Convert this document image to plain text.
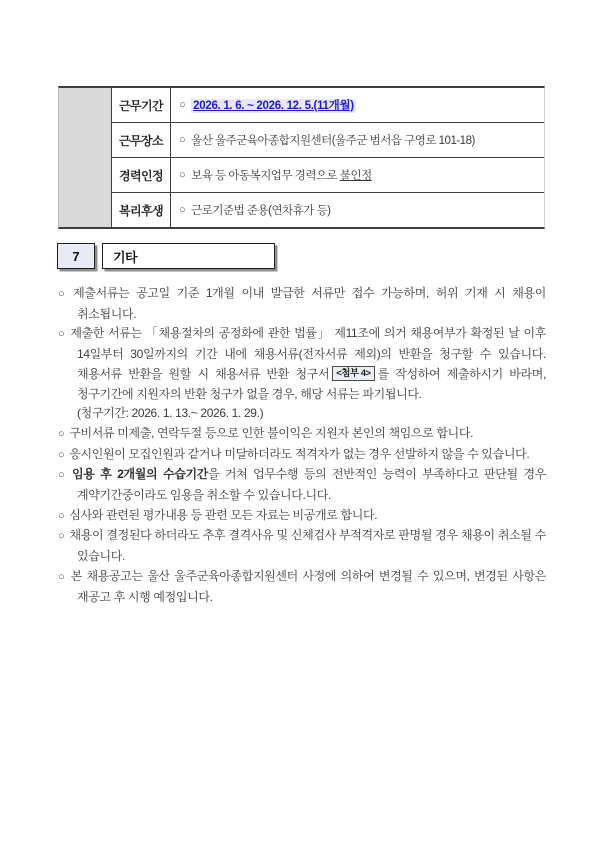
근무기간	○ 2026. 1. 6. ~ 2026. 12. 5.(11개월)
근무장소	○ 울산 울주군육아종합지원센터(울주군 범서읍 구영로 101-18)
경력인정	○ 보육 등 아동복지업무 경력으로 불인정
복리후생	○ 근로기준법 준용(연차휴가 등)
7	기타
○ 제출서류는 공고일 기준 1개월 이내 발급한 서류만 접수 가능하며, 허위 기재 시 채용이 취소됩니다.
○ 제출한 서류는 「채용절차의 공정화에 관한 법률」 제11조에 의거 채용여부가 확정된 날 이후 14일부터 30일까지의 기간 내에 채용서류(전자서류 제외)의 반환을 청구할 수 있습니다. 채용서류 반환을 원할 시 채용서류 반환 청구서 <첨부 4> 를 작성하여 제출하시기 바라며, 청구기간에 지원자의 반환 청구가 없을 경우, 해당 서류는 파기됩니다.
(청구기간: 2026. 1. 13.~ 2026. 1. 29.)
○ 구비서류 미제출, 연락두절 등으로 인한 불이익은 지원자 본인의 책임으로 합니다.
○ 응시인원이 모집인원과 같거나 미달하더라도 적격자가 없는 경우 선발하지 않을 수 있습니다.
○ 임용 후 2개월의 수습기간을 거쳐 업무수행 등의 전반적인 능력이 부족하다고 판단될 경우 계약기간중이라도 임용을 취소할 수 있습니다.니다.
○ 심사와 관련된 평가내용 등 관련 모든 자료는 비공개로 합니다.
○ 채용이 결정된다 하더라도 추후 결격사유 및 신체검사 부적격자로 판명될 경우 채용이 취소될 수 있습니다.
○ 본 채용공고는 울산 울주군육아종합지원센터 사정에 의하여 변경될 수 있으며, 변경된 사항은 재공고 후 시행 예정입니다.
